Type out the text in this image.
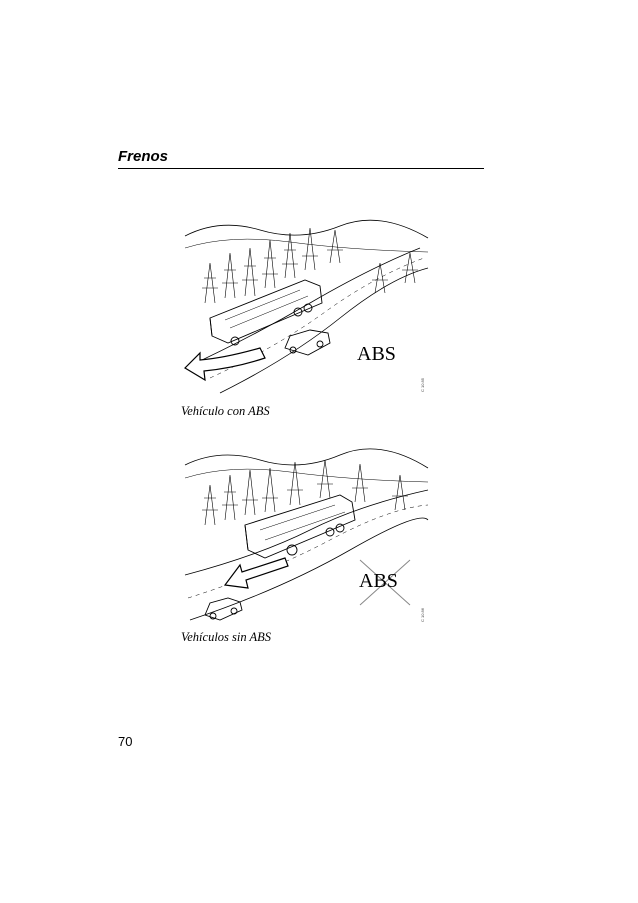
Frenos
ABS
C 10 85
Vehículo con ABS
ABS
C 10 86
Vehículos sin ABS
70
